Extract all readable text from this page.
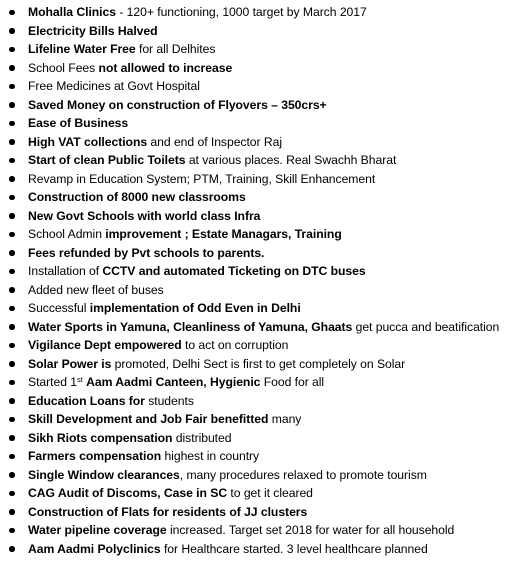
Mohalla Clinics - 120+ functioning, 1000 target by March 2017
Electricity Bills Halved
Lifeline Water Free for all Delhites
School Fees not allowed to increase
Free Medicines at Govt Hospital
Saved Money on construction of Flyovers – 350crs+
Ease of Business
High VAT collections and end of Inspector Raj
Start of clean Public Toilets at various places. Real Swachh Bharat
Revamp in Education System; PTM, Training, Skill Enhancement
Construction of 8000 new classrooms
New Govt Schools with world class Infra
School Admin improvement ; Estate Managars, Training
Fees refunded by Pvt schools to parents.
Installation of CCTV and automated Ticketing on DTC buses
Added new fleet of buses
Successful implementation of Odd Even in Delhi
Water Sports in Yamuna, Cleanliness of Yamuna, Ghaats get pucca and beatification
Vigilance Dept empowered to act on corruption
Solar Power is promoted, Delhi Sect is first to get completely on Solar
Started 1st Aam Aadmi Canteen, Hygienic Food for all
Education Loans for students
Skill Development and Job Fair benefitted many
Sikh Riots compensation distributed
Farmers compensation highest in country
Single Window clearances, many procedures relaxed to promote tourism
CAG Audit of Discoms, Case in SC to get it cleared
Construction of Flats for residents of JJ clusters
Water pipeline coverage increased. Target set 2018 for water for all household
Aam Aadmi Polyclinics for Healthcare started. 3 level healthcare planned
